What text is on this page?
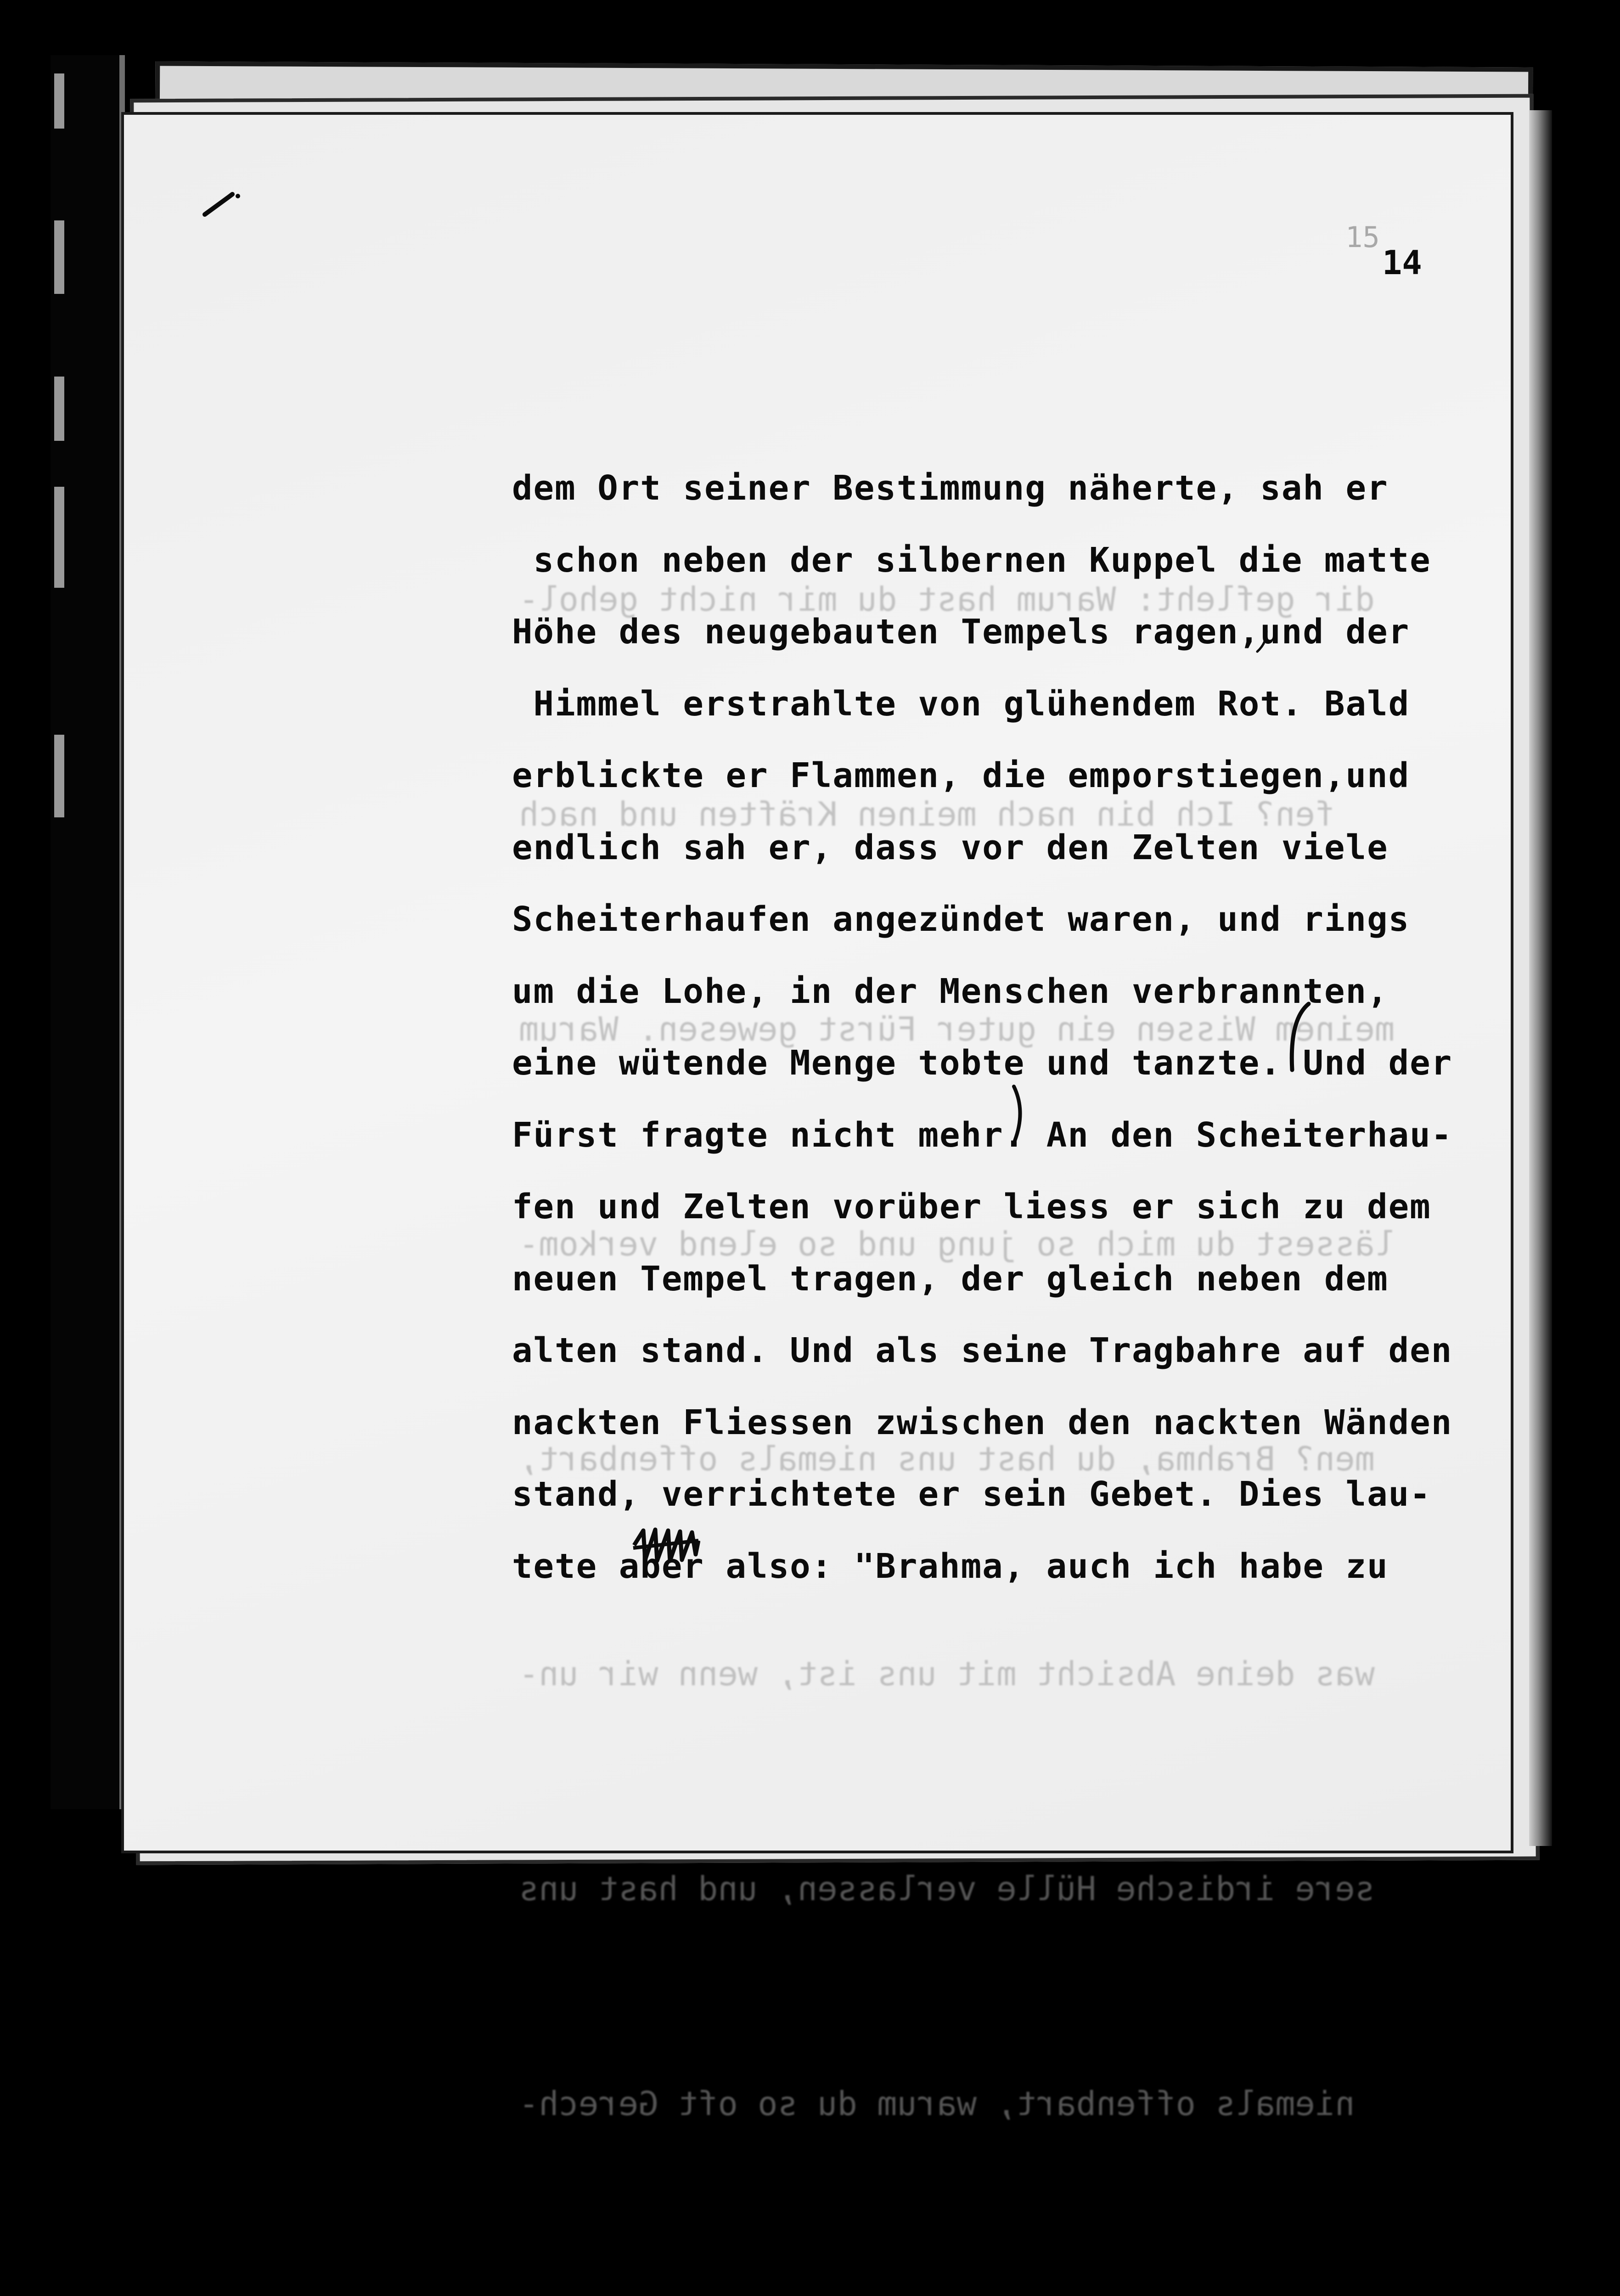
15
14

dir gefleht: Warum hast du mir nicht gehol-

fen? Ich bin nach meinen Kräften und nach

meinem Wissen ein guter Fürst gewesen. Warum

lässest du mich so jung und so elend verkom-

men? Brahma, du hast uns niemals offenbart,

was deine Absicht mit uns ist, wenn wir un-

sere irdische Hülle verlassen, und hast uns

niemals offenbart, warum du so oft Gerech-

dem Ort seiner Bestimmung näherte, sah er
schon neben der silbernen Kuppel die matte
Höhe des neugebauten Tempels ragen,und der
Himmel erstrahlte von glühendem Rot. Bald
erblickte er Flammen, die emporstiegen,und
endlich sah er, dass vor den Zelten viele
Scheiterhaufen angezündet waren, und rings
um die Lohe, in der Menschen verbrannten,
eine wütende Menge tobte und tanzte. Und der
Fürst fragte nicht mehr. An den Scheiterhau-
fen und Zelten vorüber liess er sich zu dem
neuen Tempel tragen, der gleich neben dem
alten stand. Und als seine Tragbahre auf den
nackten Fliessen zwischen den nackten Wänden
stand, verrichtete er sein Gebet. Dies lau-
tete aber also: "Brahma, auch ich habe zu
